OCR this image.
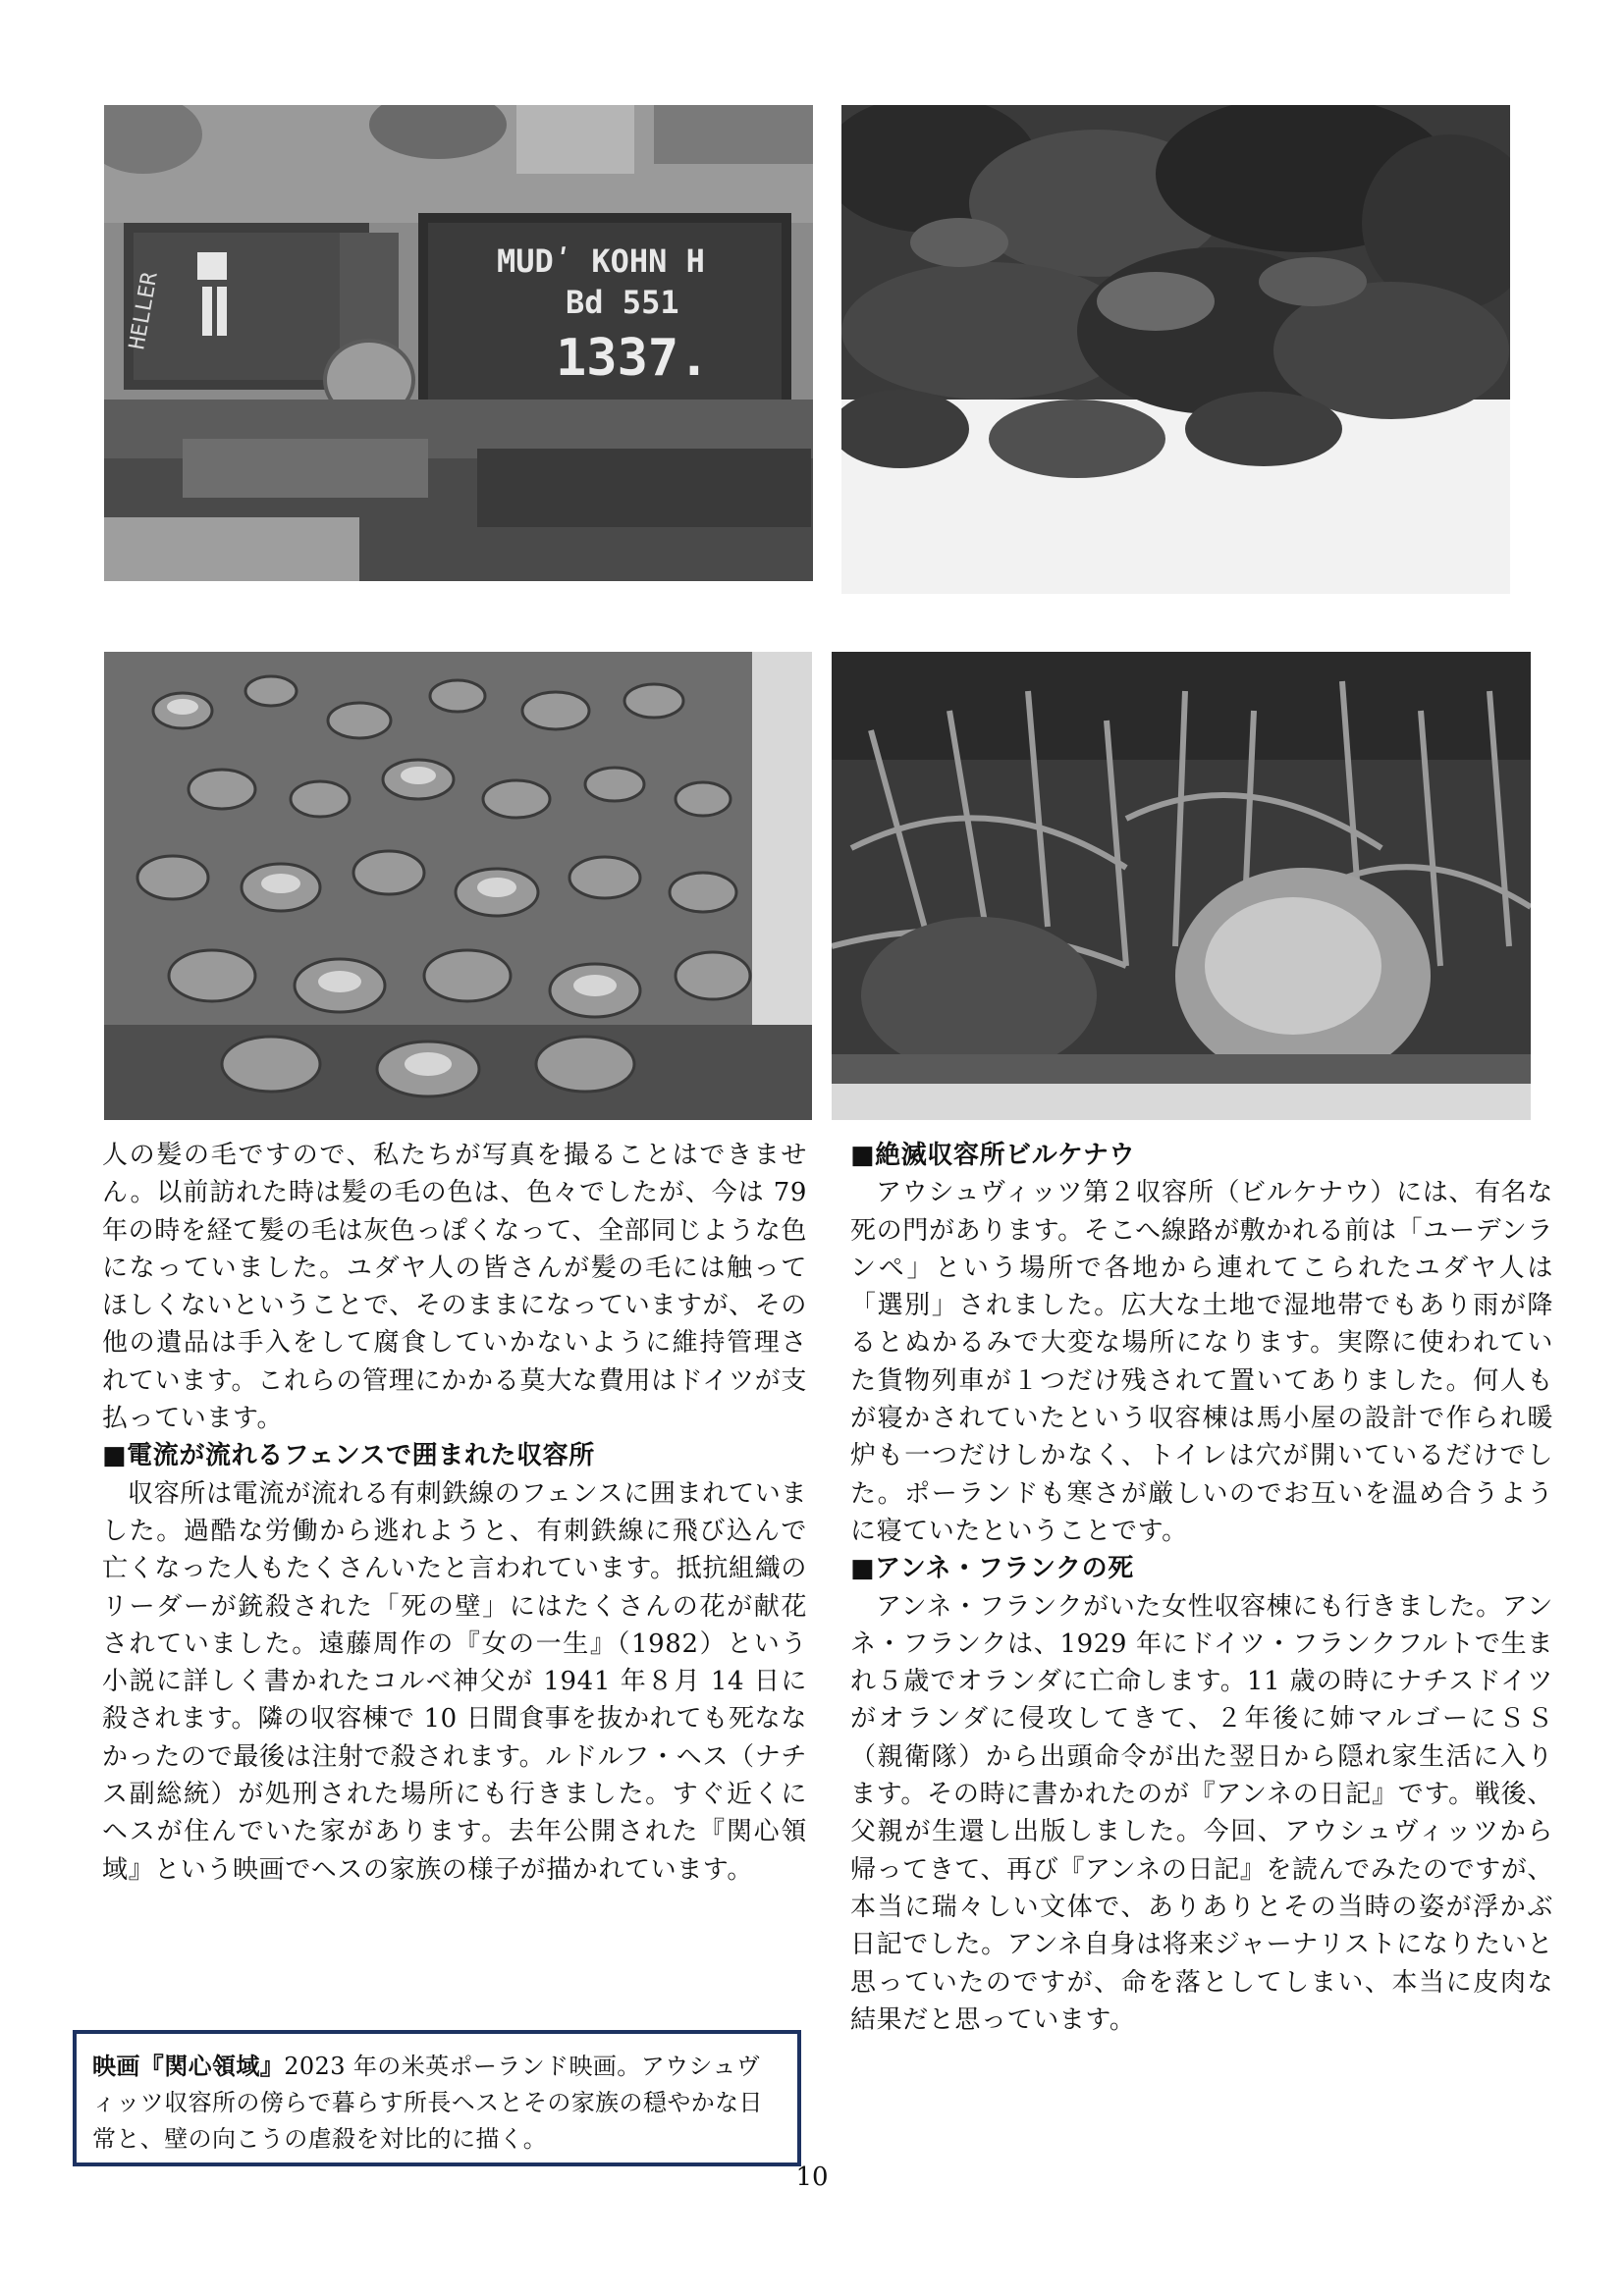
HELLER
MUDʹ KOHN H
Bd 551
1337.

人の髪の毛ですので、私たちが写真を撮ることはできません。以前訪れた時は髪の毛の色は、色々でしたが、今は 79 年の時を経て髪の毛は灰色っぽくなって、全部同じような色になっていました。ユダヤ人の皆さんが髪の毛には触ってほしくないということで、そのままになっていますが、その他の遺品は手入をして腐食していかないように維持管理されています。これらの管理にかかる莫大な費用はドイツが支払っています。

■電流が流れるフェンスで囲まれた収容所

収容所は電流が流れる有刺鉄線のフェンスに囲まれていました。過酷な労働から逃れようと、有刺鉄線に飛び込んで亡くなった人もたくさんいたと言われています。抵抗組織のリーダーが銃殺された「死の壁」にはたくさんの花が献花されていました。遠藤周作の『女の一生』（1982）という小説に詳しく書かれたコルベ神父が 1941 年８月 14 日に殺されます。隣の収容棟で 10 日間食事を抜かれても死ななかったので最後は注射で殺されます。ルドルフ・ヘス（ナチス副総統）が処刑された場所にも行きました。すぐ近くにヘスが住んでいた家があります。去年公開された『関心領域』という映画でヘスの家族の様子が描かれています。

映画『関心領域』2023 年の米英ポーランド映画。アウシュヴィッツ収容所の傍らで暮らす所長ヘスとその家族の穏やかな日常と、壁の向こうの虐殺を対比的に描く。
■絶滅収容所ビルケナウ

アウシュヴィッツ第２収容所（ビルケナウ）には、有名な死の門があります。そこへ線路が敷かれる前は「ユーデンランペ」という場所で各地から連れてこられたユダヤ人は「選別」されました。広大な土地で湿地帯でもあり雨が降るとぬかるみで大変な場所になります。実際に使われていた貨物列車が１つだけ残されて置いてありました。何人もが寝かされていたという収容棟は馬小屋の設計で作られ暖炉も一つだけしかなく、トイレは穴が開いているだけでした。ポーランドも寒さが厳しいのでお互いを温め合うように寝ていたということです。

■アンネ・フランクの死

アンネ・フランクがいた女性収容棟にも行きました。アンネ・フランクは、1929 年にドイツ・フランクフルトで生まれ５歳でオランダに亡命します。11 歳の時にナチスドイツがオランダに侵攻してきて、２年後に姉マルゴーにＳＳ（親衛隊）から出頭命令が出た翌日から隠れ家生活に入ります。その時に書かれたのが『アンネの日記』です。戦後、父親が生還し出版しました。今回、アウシュヴィッツから帰ってきて、再び『アンネの日記』を読んでみたのですが、本当に瑞々しい文体で、ありありとその当時の姿が浮かぶ日記でした。アンネ自身は将来ジャーナリストになりたいと思っていたのですが、命を落としてしまい、本当に皮肉な結果だと思っています。

10
